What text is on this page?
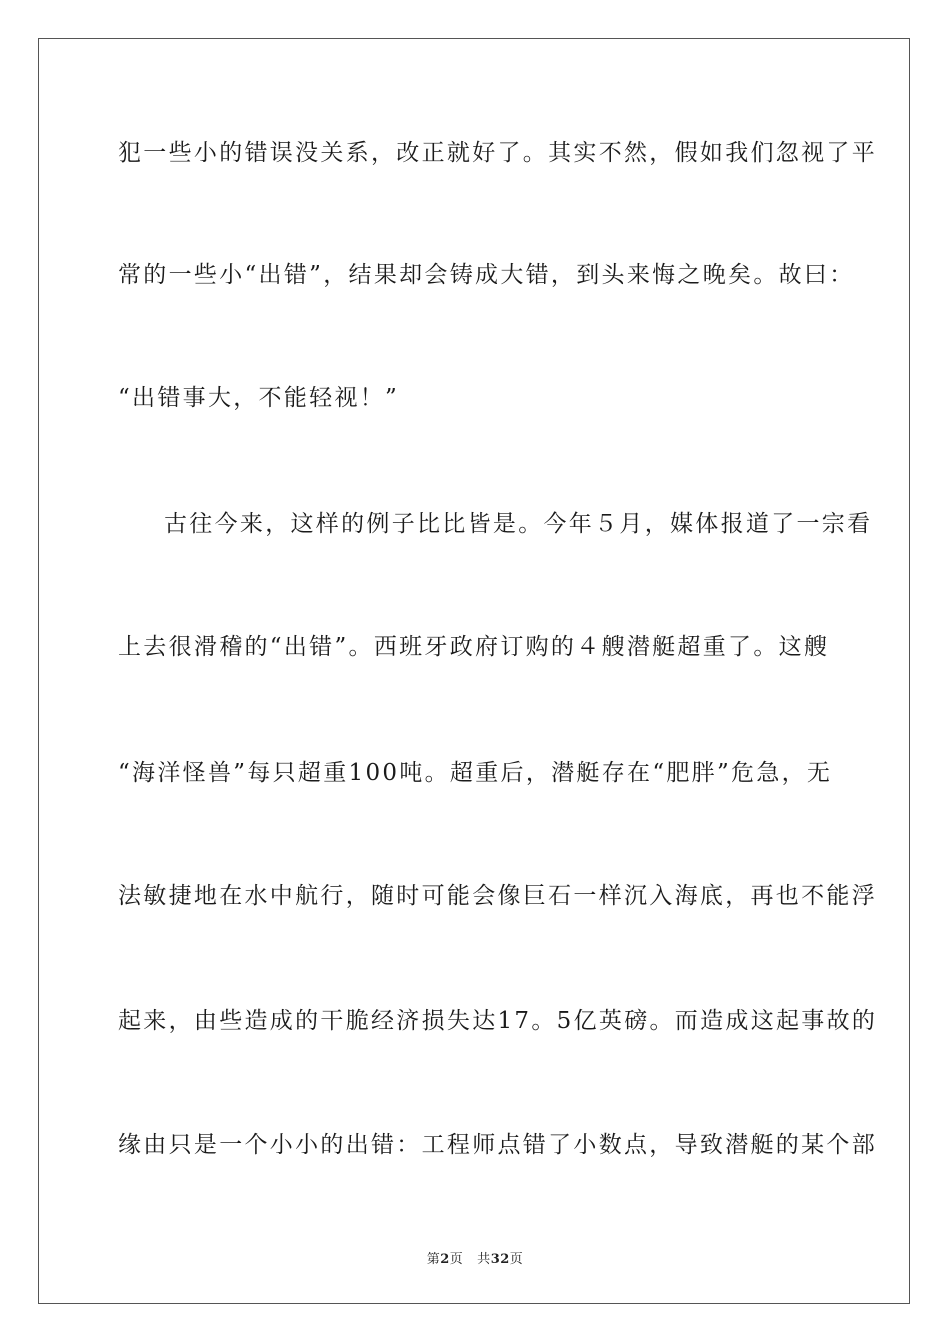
犯一些小的错误没关系，改正就好了。其实不然，假如我们忽视了平
常的一些小“出错”，结果却会铸成大错，到头来悔之晚矣。故曰：
“出错事大，不能轻视！”
古往今来，这样的例子比比皆是。今年５月，媒体报道了一宗看
上去很滑稽的“出错”。西班牙政府订购的４艘潜艇超重了。这艘
“海洋怪兽”每只超重100吨。超重后，潜艇存在“肥胖”危急，无
法敏捷地在水中航行，随时可能会像巨石一样沉入海底，再也不能浮
起来，由些造成的干脆经济损失达17。5亿英磅。而造成这起事故的
缘由只是一个小小的出错：工程师点错了小数点，导致潜艇的某个部
第2页 共32页
